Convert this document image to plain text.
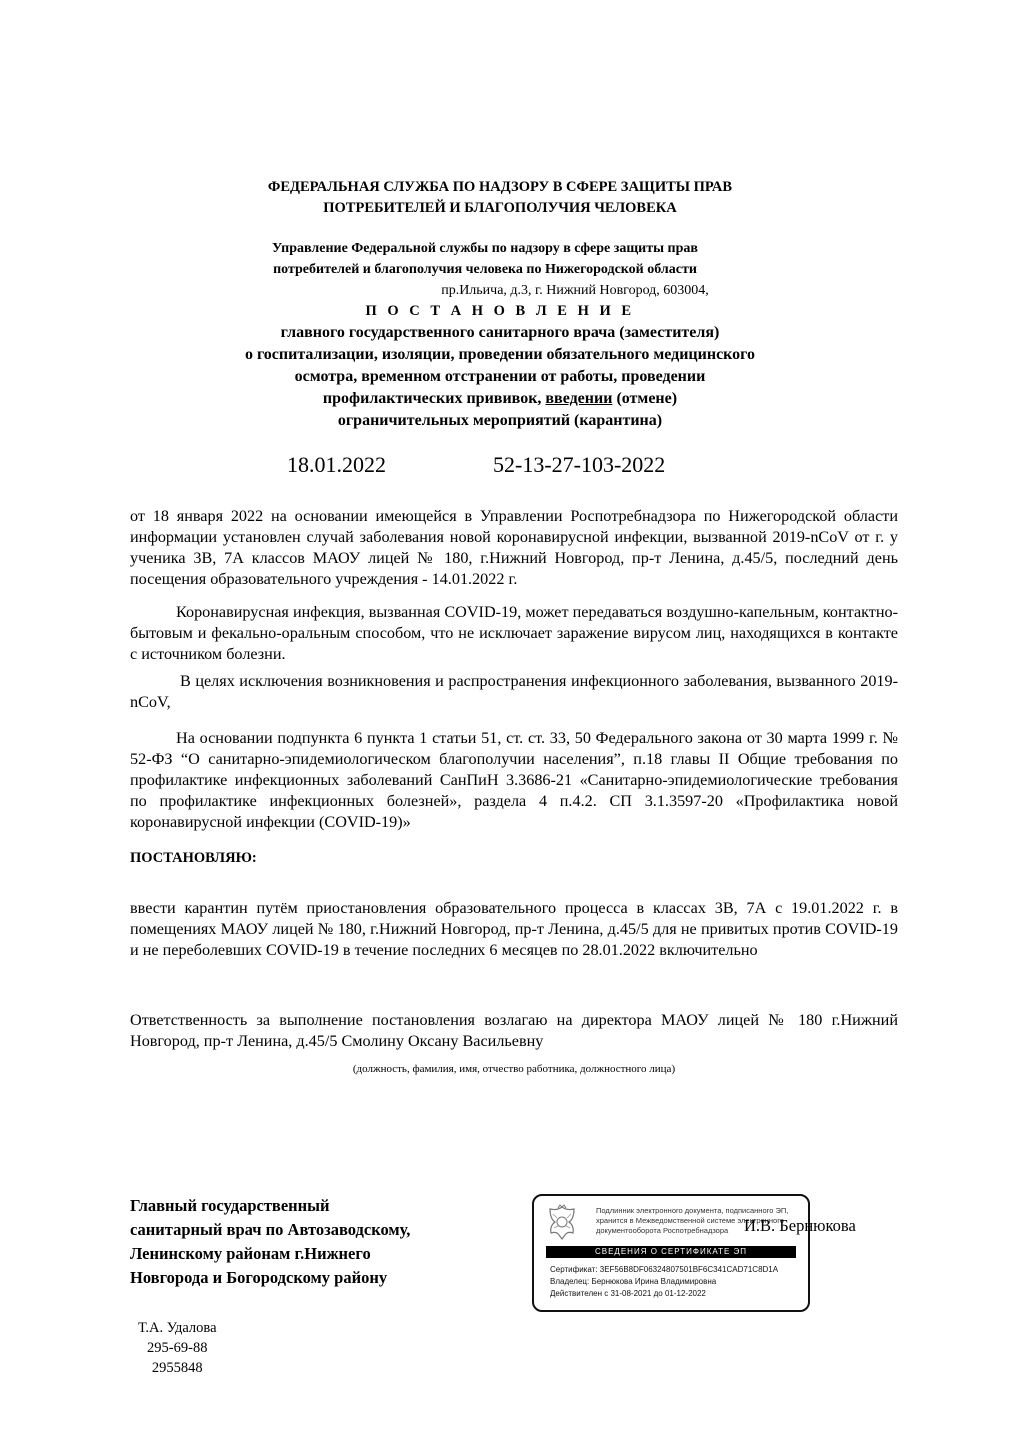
ФЕДЕРАЛЬНАЯ СЛУЖБА ПО НАДЗОРУ В СФЕРЕ ЗАЩИТЫ ПРАВ
ПОТРЕБИТЕЛЕЙ И БЛАГОПОЛУЧИЯ ЧЕЛОВЕКА
Управление Федеральной службы по надзору в сфере защиты прав
потребителей и благополучия человека по Нижегородской области
пр.Ильича, д.3, г. Нижний Новгород, 603004,
П О С Т А Н О В Л Е Н И Е
главного государственного санитарного врача (заместителя)
о госпитализации, изоляции, проведении обязательного медицинского
осмотра, временном отстранении от работы, проведении
профилактических прививок, введении (отмене)
ограничительных мероприятий (карантина)
18.01.2022	52-13-27-103-2022
от 18 января 2022 на основании имеющейся в Управлении Роспотребнадзора по Нижегородской области информации установлен случай заболевания новой коронавирусной инфекции, вызванной 2019-nCoV от г. у ученика 3В, 7А классов МАОУ лицей № 180, г.Нижний Новгород, пр-т Ленина, д.45/5, последний день посещения образовательного учреждения - 14.01.2022 г.
Коронавирусная инфекция, вызванная COVID-19, может передаваться воздушно-капельным, контактно-бытовым и фекально-оральным способом, что не исключает заражение вирусом лиц, находящихся в контакте с источником болезни.
В целях исключения возникновения и распространения инфекционного заболевания, вызванного 2019-nCoV,
На основании подпункта 6 пункта 1 статьи 51, ст. ст. 33, 50 Федерального закона от 30 марта 1999 г. № 52-ФЗ “О санитарно-эпидемиологическом благополучии населения”, п.18 главы II Общие требования по профилактике инфекционных заболеваний СанПиН 3.3686-21 «Санитарно-эпидемиологические требования по профилактике инфекционных болезней», раздела 4 п.4.2. СП 3.1.3597-20 «Профилактика новой коронавирусной инфекции (COVID-19)»
ПОСТАНОВЛЯЮ:
ввести карантин путём приостановления образовательного процесса в классах 3В, 7А с 19.01.2022 г. в помещениях МАОУ лицей № 180, г.Нижний Новгород, пр-т Ленина, д.45/5 для не привитых против COVID-19 и не переболевших COVID-19 в течение последних 6 месяцев по 28.01.2022 включительно
Ответственность за выполнение постановления возлагаю на директора МАОУ лицей № 180 г.Нижний Новгород, пр-т Ленина, д.45/5 Смолину Оксану Васильевну
(должность, фамилия, имя, отчество работника, должностного лица)
Главный государственный
санитарный врач по Автозаводскому,
Ленинскому районам г.Нижнего
Новгорода и Богородскому району
Подлинник электронного документа, подписанного ЭП,
хранится в Межведомственной системе электронного
документооборота Роспотребнадзора
СВЕДЕНИЯ О СЕРТИФИКАТЕ ЭП
Сертификат: 3EF56B8DF06324807501BF6C341CAD71C8D1A
Владелец: Бернюкова Ирина Владимировна
Действителен с 31-08-2021 до 01-12-2022
И.В. Бернюкова
Т.А. Удалова
295-69-88
2955848
